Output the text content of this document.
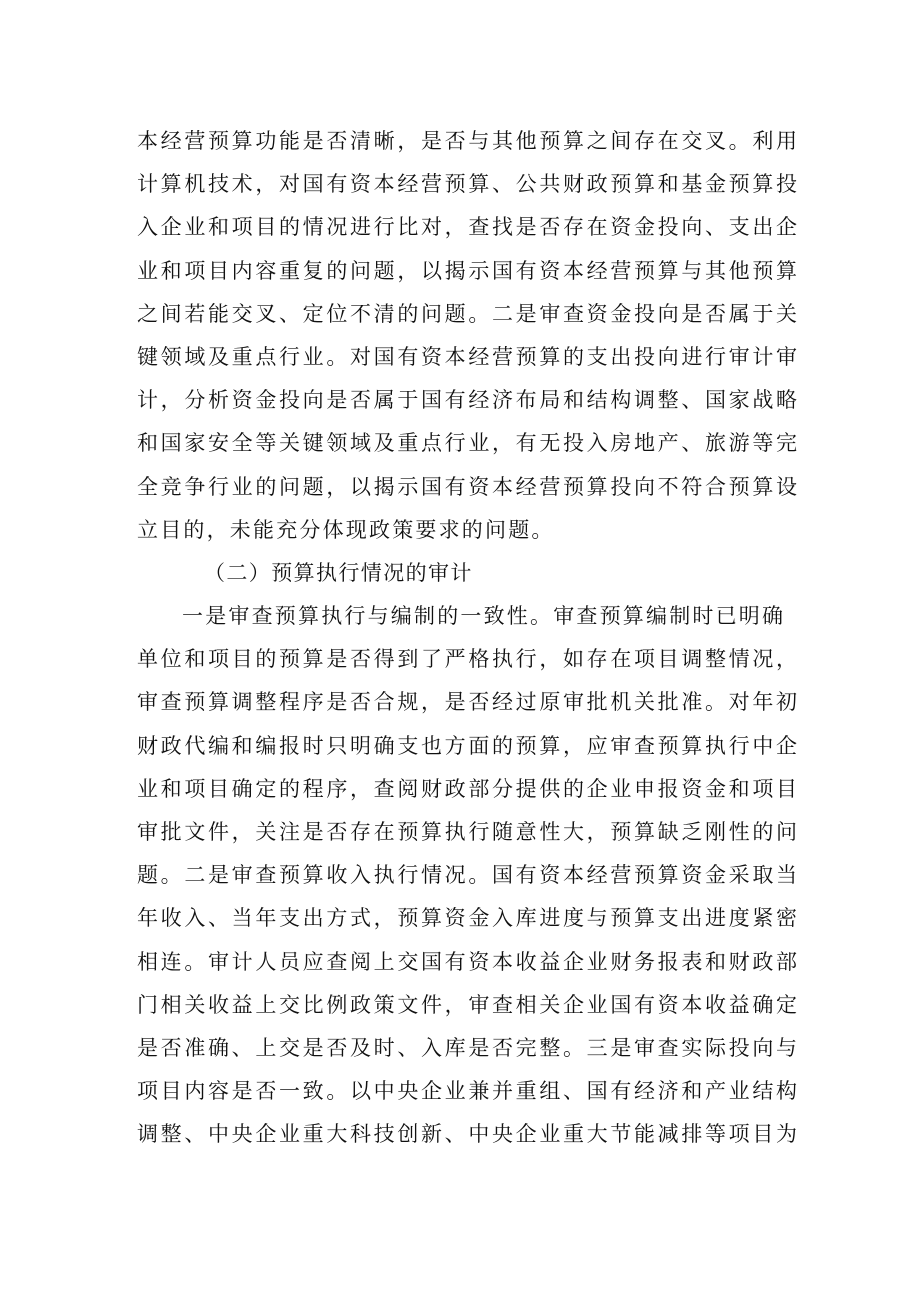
本经营预算功能是否清晰，是否与其他预算之间存在交叉。利用
计算机技术，对国有资本经营预算、公共财政预算和基金预算投
入企业和项目的情况进行比对，查找是否存在资金投向、支出企
业和项目内容重复的问题，以揭示国有资本经营预算与其他预算
之间若能交叉、定位不清的问题。二是审查资金投向是否属于关
键领域及重点行业。对国有资本经营预算的支出投向进行审计审
计，分析资金投向是否属于国有经济布局和结构调整、国家战略
和国家安全等关键领域及重点行业，有无投入房地产、旅游等完
全竞争行业的问题，以揭示国有资本经营预算投向不符合预算设
立目的，未能充分体现政策要求的问题。
（二）预算执行情况的审计
一是审查预算执行与编制的一致性。审查预算编制时已明确
单位和项目的预算是否得到了严格执行，如存在项目调整情况，
审查预算调整程序是否合规，是否经过原审批机关批准。对年初
财政代编和编报时只明确支也方面的预算，应审查预算执行中企
业和项目确定的程序，查阅财政部分提供的企业申报资金和项目
审批文件，关注是否存在预算执行随意性大，预算缺乏刚性的问
题。二是审查预算收入执行情况。国有资本经营预算资金采取当
年收入、当年支出方式，预算资金入库进度与预算支出进度紧密
相连。审计人员应查阅上交国有资本收益企业财务报表和财政部
门相关收益上交比例政策文件，审查相关企业国有资本收益确定
是否准确、上交是否及时、入库是否完整。三是审查实际投向与
项目内容是否一致。以中央企业兼并重组、国有经济和产业结构
调整、中央企业重大科技创新、中央企业重大节能减排等项目为
